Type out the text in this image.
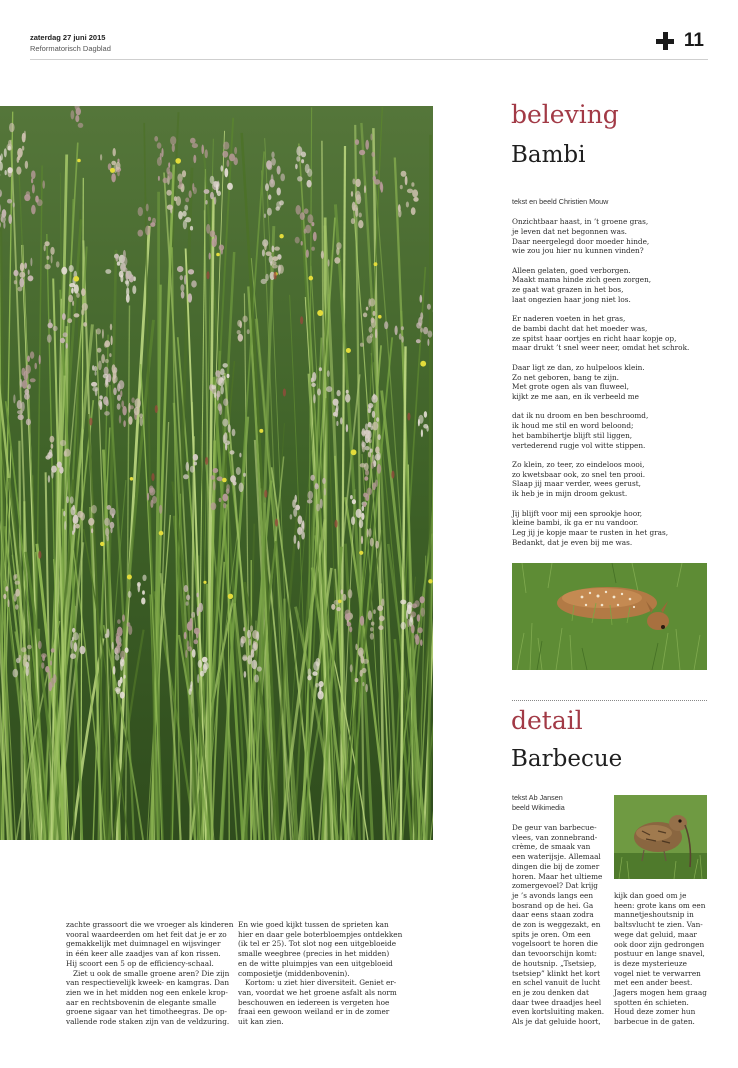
zaterdag 27 juni 2015
Reformatorisch Dagblad	11
beleving
Bambi
tekst en beeld Christien Mouw
Onzichtbaar haast, in ’t groene gras,
je leven dat net begonnen was.
Daar neergelegd door moeder hinde,
wie zou jou hier nu kunnen vinden?
Alleen gelaten, goed verborgen.
Maakt mama hinde zich geen zorgen,
ze gaat wat grazen in het bos,
laat ongezien haar jong niet los.
Er naderen voeten in het gras,
de bambi dacht dat het moeder was,
ze spitst haar oortjes en richt haar kopje op,
maar drukt ’t snel weer neer, omdat het schrok.
Daar ligt ze dan, zo hulpeloos klein.
Zo net geboren, bang te zijn.
Met grote ogen als van fluweel,
kijkt ze me aan, en ik verbeeld me
dat ik nu droom en ben beschroomd,
ik houd me stil en word beloond;
het bambihertje blijft stil liggen,
vertederend rugje vol witte stippen.
Zo klein, zo teer, zo eindeloos mooi,
zo kwetsbaar ook, zo snel ten prooi.
Slaap jij maar verder, wees gerust,
ik heb je in mijn droom gekust.
Jij blijft voor mij een sprookje hoor,
kleine bambi, ik ga er nu vandoor.
Leg jij je kopje maar te rusten in het gras,
Bedankt, dat je even bij me was.
detail
Barbecue
tekst Ab Jansen
beeld Wikimedia
De geur van barbecue-
vlees, van zonnebrand-
crème, de smaak van
een waterijsje. Allemaal
dingen die bij de zomer
horen. Maar het ultieme
zomergevoel? Dat krijg
je ’s avonds langs een
bosrand op de hei. Ga
daar eens staan zodra
de zon is weggezakt, en
spits je oren. Om een
vogelsoort te horen die
dan tevoorschijn komt:
de houtsnip. „Tsetsiep,
tsetsiep” klinkt het kort
en schel vanuit de lucht
en je zou denken dat
daar twee draadjes heel
even kortsluiting maken.
Als je dat geluide hoort,
kijk dan goed om je
heen: grote kans om een
mannetjeshoutsnip in
baltsvlucht te zien. Van-
wege dat geluid, maar
ook door zijn gedrongen
postuur en lange snavel,
is deze mysterieuze
vogel niet te verwarren
met een ander beest.
Jagers mogen hem graag
spotten én schieten.
Houd deze zomer hun
barbecue in de gaten.
zachte grassoort die we vroeger als kinderen
vooral waardeerden om het feit dat je er zo
gemakkelijk met duimnagel en wijsvinger
in één keer alle zaadjes van af kon rissen.
Hij scoort een 5 op de efficiency-schaal.
Ziet u ook de smalle groene aren? Die zijn
van respectievelijk kweek- en kamgras. Dan
zien we in het midden nog een enkele krop-
aar en rechtsbovenin de elegante smalle
groene sigaar van het timotheegras. De op-
vallende rode staken zijn van de veldzuring.
En wie goed kijkt tussen de sprieten kan
hier en daar gele boterbloempjes ontdekken
(ik tel er 25). Tot slot nog een uitgebloeide
smalle weegbree (precies in het midden)
en de witte pluimpjes van een uitgebloeid
composietje (middenbovenin).
Kortom: u ziet hier diversiteit. Geniet er-
van, voordat we het groene asfalt als norm
beschouwen en iedereen is vergeten hoe
fraai een gewoon weiland er in de zomer
uit kan zien.
